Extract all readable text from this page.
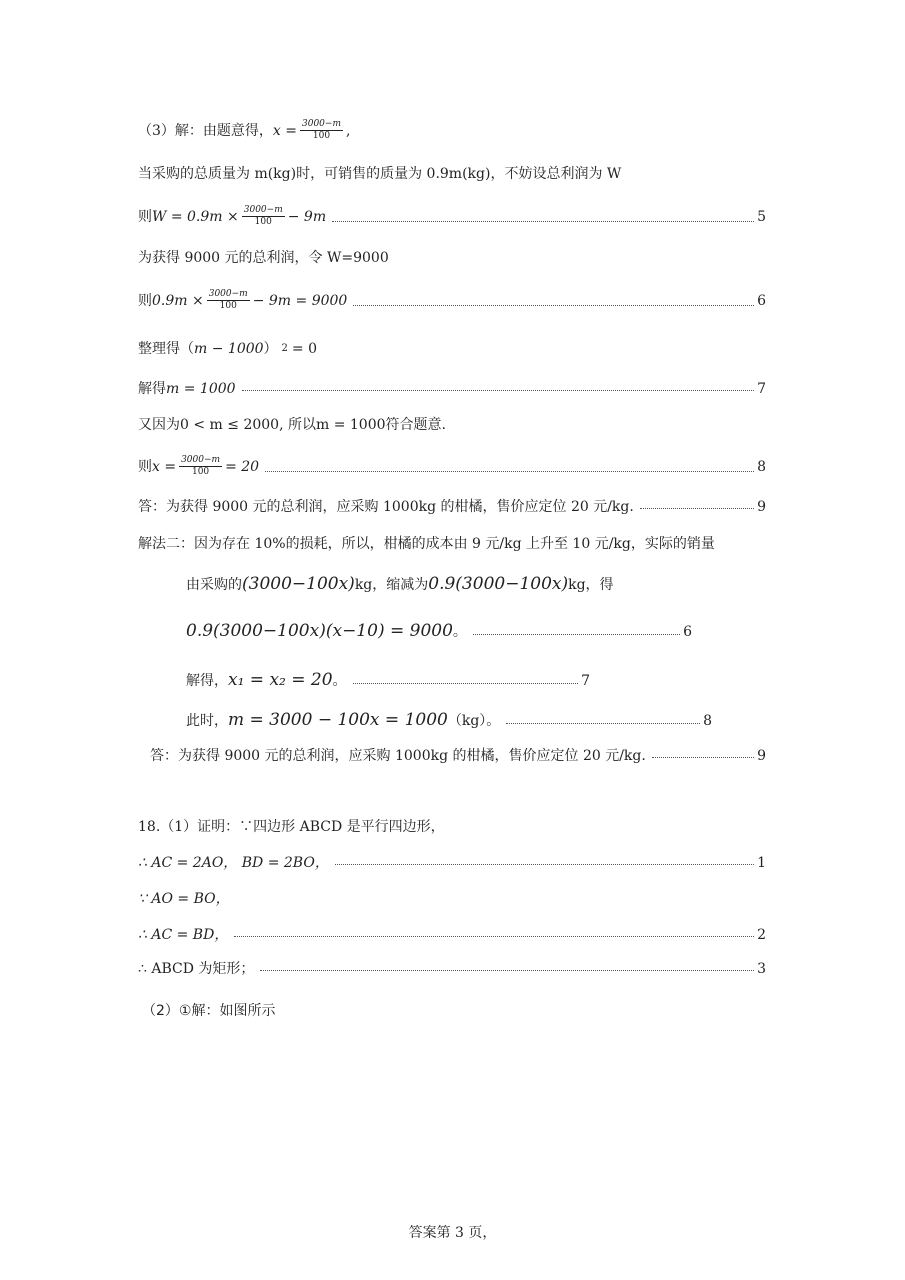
（3）解：由题意得， $x = \frac{3000-m}{100}$ ,
当采购的总质量为 m(kg)时，可销售的质量为 0.9m(kg)，不妨设总利润为 W
则 $W = 0.9m \times \frac{3000-m}{100} - 9m$	5
为获得 9000 元的总利润，令 W=9000
则 $0.9m \times \frac{3000-m}{100} - 9m = 9000$	6
整理得（ m − 1000 ） 2 = 0
解得 m = 1000	7
又因为0 < m ≤ 2000, 所以m = 1000符合题意.
则 $x = \frac{3000-m}{100} = 20$	8
答：为获得 9000 元的总利润，应采购 1000kg 的柑橘，售价应定位 20 元/kg.	9
解法二：因为存在 10%的损耗，所以，柑橘的成本由 9 元/kg 上升至 10 元/kg，实际的销量
由采购的 (3000−100x) kg，缩减为 0.9(3000−100x) kg，得
0.9(3000−100x)(x−10) = 9000 。	6
解得， x₁ = x₂ = 20 。	7
此时， m = 3000 − 100x = 1000 （kg）。	8
答：为获得 9000 元的总利润，应采购 1000kg 的柑橘，售价应定位 20 元/kg.	9
18.（1）证明：∵四边形 ABCD 是平行四边形，
∴ AC = 2AO， BD = 2BO，	1
∵ AO = BO，
∴ AC = BD，	2
∴ ABCD 为矩形；	3
（2）①解：如图所示
答案第 3 页，
